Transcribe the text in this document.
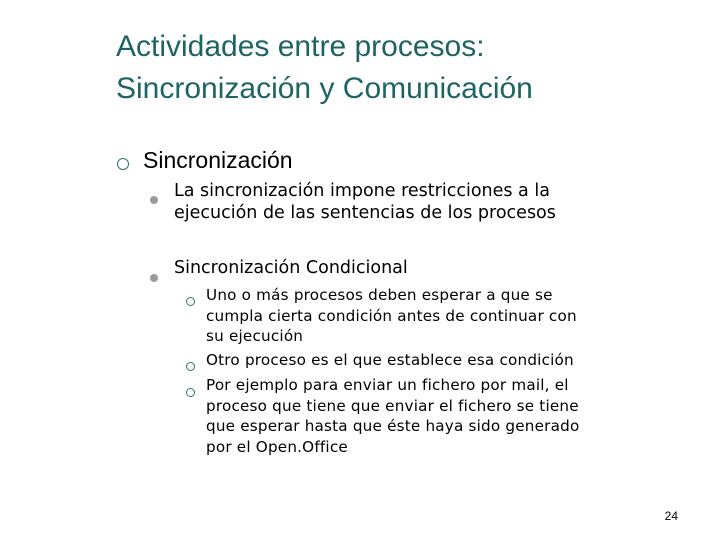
Actividades entre procesos:
Sincronización y Comunicación
Sincronización
La sincronización impone restricciones a la
ejecución de las sentencias de los procesos
Sincronización Condicional
Uno o más procesos deben esperar a que se
cumpla cierta condición antes de continuar con
su ejecución
Otro proceso es el que establece esa condición
Por ejemplo para enviar un fichero por mail, el
proceso que tiene que enviar el fichero se tiene
que esperar hasta que éste haya sido generado
por el Open.Office
24
